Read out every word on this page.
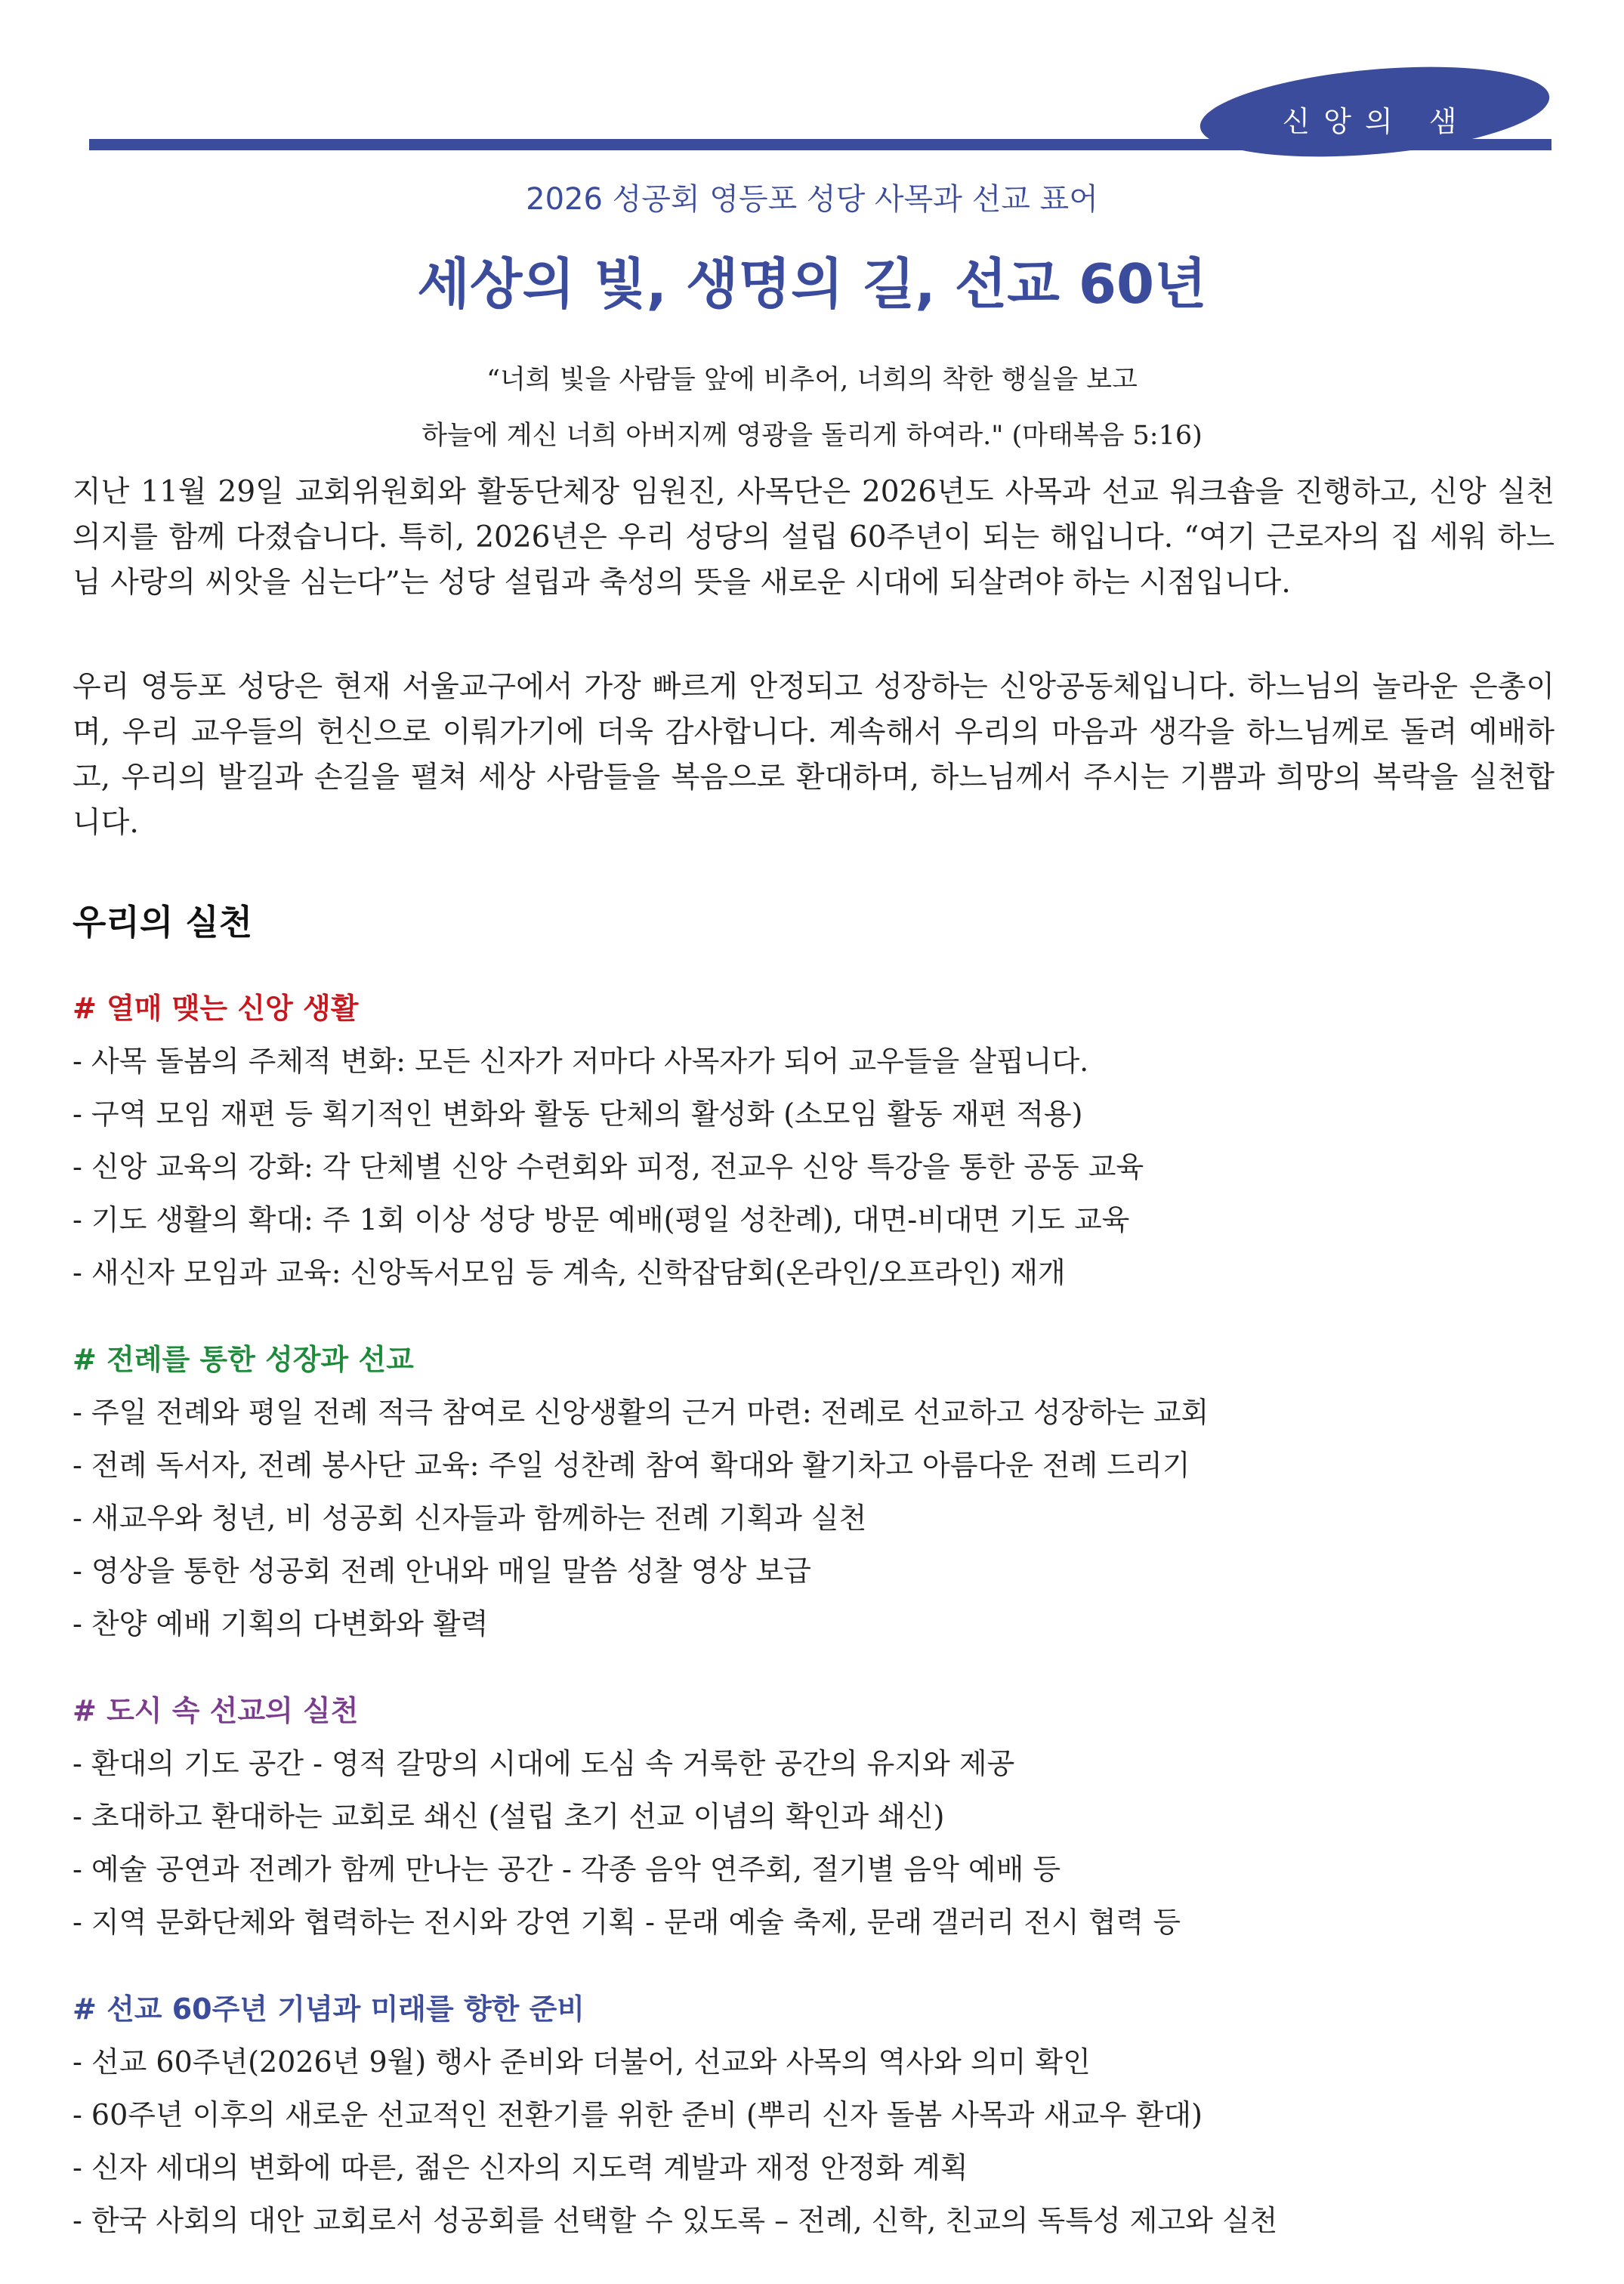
신앙의 샘
2026 성공회 영등포 성당 사목과 선교 표어
세상의 빛, 생명의 길, 선교 60년
“너희 빛을 사람들 앞에 비추어, 너희의 착한 행실을 보고
하늘에 계신 너희 아버지께 영광을 돌리게 하여라." (마태복음 5:16)
지난 11월 29일 교회위원회와 활동단체장 임원진, 사목단은 2026년도 사목과 선교 워크숍을 진행하고, 신앙 실천 의지를 함께 다졌습니다. 특히, 2026년은 우리 성당의 설립 60주년이 되는 해입니다. “여기 근로자의 집 세워 하느님 사랑의 씨앗을 심는다”는 성당 설립과 축성의 뜻을 새로운 시대에 되살려야 하는 시점입니다.
우리 영등포 성당은 현재 서울교구에서 가장 빠르게 안정되고 성장하는 신앙공동체입니다. 하느님의 놀라운 은총이며, 우리 교우들의 헌신으로 이뤄가기에 더욱 감사합니다. 계속해서 우리의 마음과 생각을 하느님께로 돌려 예배하고, 우리의 발길과 손길을 펼쳐 세상 사람들을 복음으로 환대하며, 하느님께서 주시는 기쁨과 희망의 복락을 실천합니다.
우리의 실천
# 열매 맺는 신앙 생활
- 사목 돌봄의 주체적 변화: 모든 신자가 저마다 사목자가 되어 교우들을 살핍니다.
- 구역 모임 재편 등 획기적인 변화와 활동 단체의 활성화 (소모임 활동 재편 적용)
- 신앙 교육의 강화: 각 단체별 신앙 수련회와 피정, 전교우 신앙 특강을 통한 공동 교육
- 기도 생활의 확대: 주 1회 이상 성당 방문 예배(평일 성찬례), 대면-비대면 기도 교육
- 새신자 모임과 교육: 신앙독서모임 등 계속, 신학잡담회(온라인/오프라인) 재개
# 전례를 통한 성장과 선교
- 주일 전례와 평일 전례 적극 참여로 신앙생활의 근거 마련: 전례로 선교하고 성장하는 교회
- 전례 독서자, 전례 봉사단 교육: 주일 성찬례 참여 확대와 활기차고 아름다운 전례 드리기
- 새교우와 청년, 비 성공회 신자들과 함께하는 전례 기획과 실천
- 영상을 통한 성공회 전례 안내와 매일 말씀 성찰 영상 보급
- 찬양 예배 기획의 다변화와 활력
# 도시 속 선교의 실천
- 환대의 기도 공간 - 영적 갈망의 시대에 도심 속 거룩한 공간의 유지와 제공
- 초대하고 환대하는 교회로 쇄신 (설립 초기 선교 이념의 확인과 쇄신)
- 예술 공연과 전례가 함께 만나는 공간 - 각종 음악 연주회, 절기별 음악 예배 등
- 지역 문화단체와 협력하는 전시와 강연 기획 - 문래 예술 축제, 문래 갤러리 전시 협력 등
# 선교 60주년 기념과 미래를 향한 준비
- 선교 60주년(2026년 9월) 행사 준비와 더불어, 선교와 사목의 역사와 의미 확인
- 60주년 이후의 새로운 선교적인 전환기를 위한 준비 (뿌리 신자 돌봄 사목과 새교우 환대)
- 신자 세대의 변화에 따른, 젊은 신자의 지도력 계발과 재정 안정화 계획
- 한국 사회의 대안 교회로서 성공회를 선택할 수 있도록 – 전례, 신학, 친교의 독특성 제고와 실천
